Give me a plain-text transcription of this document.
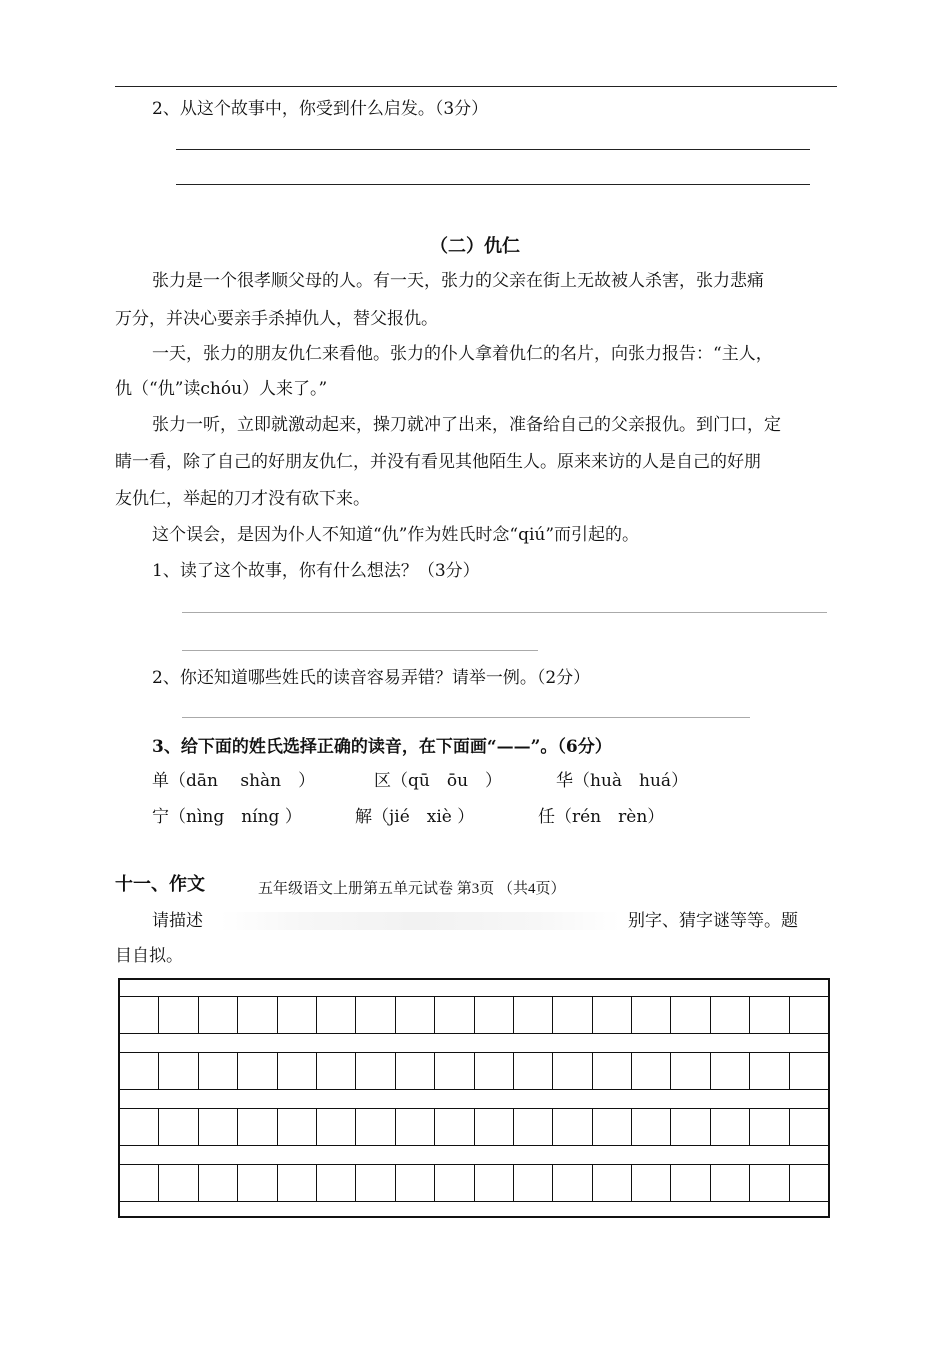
2、从这个故事中，你受到什么启发。（3分）
（二）仇仁
张力是一个很孝顺父母的人。有一天，张力的父亲在街上无故被人杀害，张力悲痛
万分，并决心要亲手杀掉仇人，替父报仇。
一天，张力的朋友仇仁来看他。张力的仆人拿着仇仁的名片，向张力报告：“主人，
仇（“仇”读chóu）人来了。”
张力一听，立即就激动起来，操刀就冲了出来，准备给自己的父亲报仇。到门口，定
睛一看，除了自己的好朋友仇仁，并没有看见其他陌生人。原来来访的人是自己的好朋
友仇仁，举起的刀才没有砍下来。
这个误会，是因为仆人不知道“仇”作为姓氏时念“qiú”而引起的。
1、读了这个故事，你有什么想法？（3分）
2、你还知道哪些姓氏的读音容易弄错？请举一例。（2分）
3、给下面的姓氏选择正确的读音，在下面画“——”。（6分）
单（dān　 shàn　）	区（qū　ōu　）	华（huà　huá）
宁（nìng　níng ）	解（jié　xiè ）	任（rén　rèn）
十一、作文	五年级语文上册第五单元试卷 第3页 （共4页）
请描述	别字、猜字谜等等。题
目自拟。
